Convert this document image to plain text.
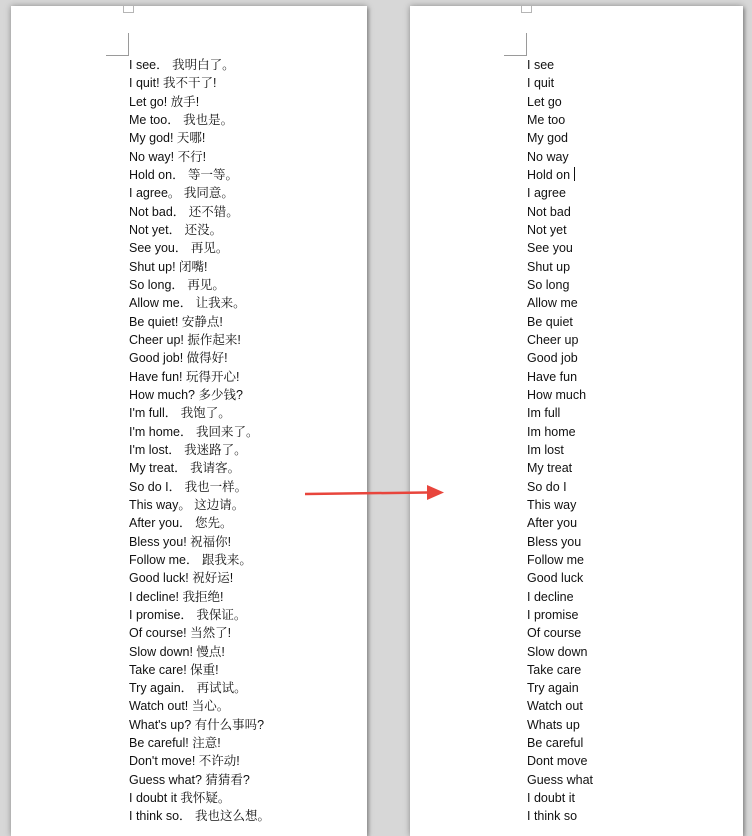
I see． 我明白了。
I quit! 我不干了!
Let go! 放手!
Me too． 我也是。
My god! 天哪!
No way! 不行!
Hold on． 等一等。
I agree。 我同意。
Not bad． 还不错。
Not yet． 还没。
See you． 再见。
Shut up! 闭嘴!
So long． 再见。
Allow me． 让我来。
Be quiet! 安静点!
Cheer up! 振作起来!
Good job! 做得好!
Have fun! 玩得开心!
How much? 多少钱?
I'm full． 我饱了。
I'm home． 我回来了。
I'm lost． 我迷路了。
My treat． 我请客。
So do I． 我也一样。
This way。 这边请。
After you． 您先。
Bless you! 祝福你!
Follow me． 跟我来。
Good luck! 祝好运!
I decline! 我拒绝!
I promise． 我保证。
Of course! 当然了!
Slow down! 慢点!
Take care! 保重!
Try again． 再试试。
Watch out! 当心。
What's up? 有什么事吗?
Be careful! 注意!
Don't move! 不许动!
Guess what? 猜猜看?
I doubt it 我怀疑。
I think so． 我也这么想。
I see
I quit
Let go
Me too
My god
No way
Hold on
I agree
Not bad
Not yet
See you
Shut up
So long
Allow me
Be quiet
Cheer up
Good job
Have fun
How much
Im full
Im home
Im lost
My treat
So do I
This way
After you
Bless you
Follow me
Good luck
I decline
I promise
Of course
Slow down
Take care
Try again
Watch out
Whats up
Be careful
Dont move
Guess what
I doubt it
I think so
